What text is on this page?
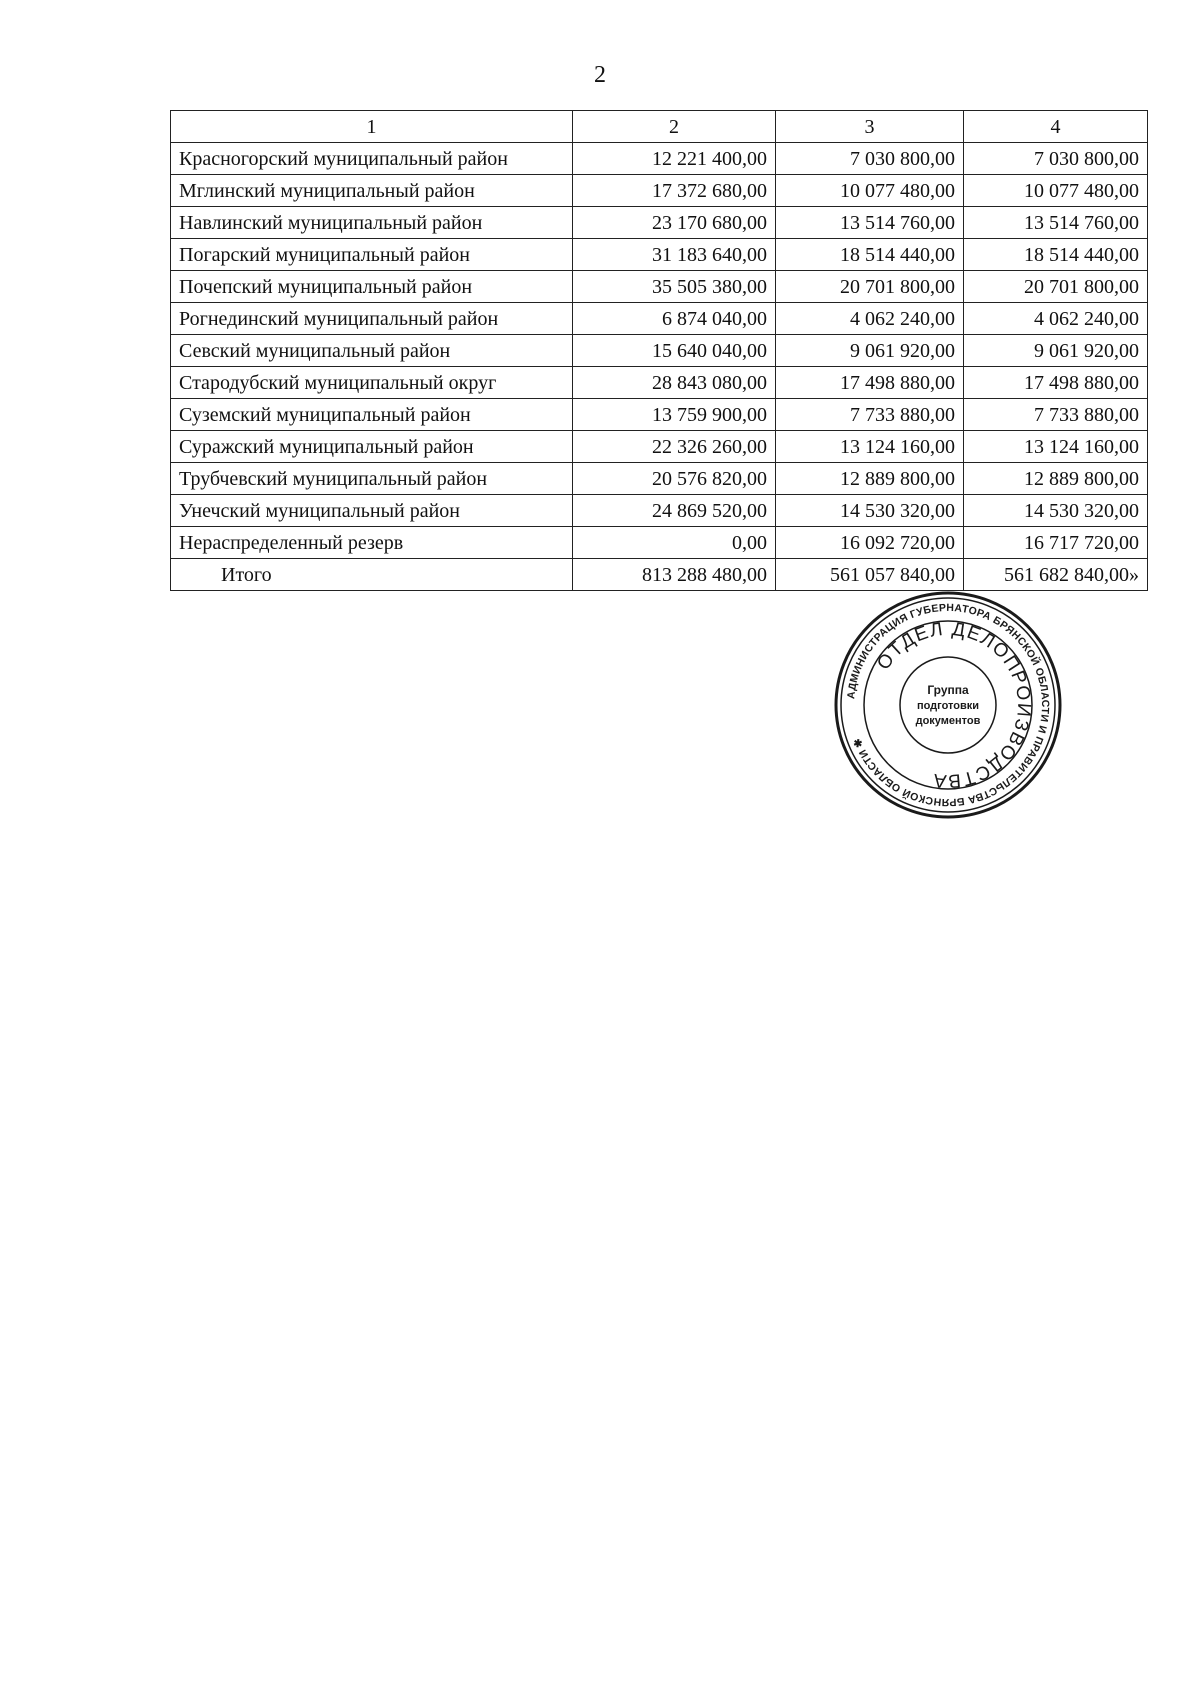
2
1	2	3	4
Красногорский муниципальный район	12 221 400,00	7 030 800,00	7 030 800,00
Мглинский муниципальный район	17 372 680,00	10 077 480,00	10 077 480,00
Навлинский муниципальный район	23 170 680,00	13 514 760,00	13 514 760,00
Погарский муниципальный район	31 183 640,00	18 514 440,00	18 514 440,00
Почепский муниципальный район	35 505 380,00	20 701 800,00	20 701 800,00
Рогнединский муниципальный район	6 874 040,00	4 062 240,00	4 062 240,00
Севский муниципальный район	15 640 040,00	9 061 920,00	9 061 920,00
Стародубский муниципальный округ	28 843 080,00	17 498 880,00	17 498 880,00
Суземский муниципальный район	13 759 900,00	7 733 880,00	7 733 880,00
Суражский муниципальный район	22 326 260,00	13 124 160,00	13 124 160,00
Трубчевский муниципальный район	20 576 820,00	12 889 800,00	12 889 800,00
Унечский муниципальный район	24 869 520,00	14 530 320,00	14 530 320,00
Нераспределенный резерв	0,00	16 092 720,00	16 717 720,00
Итого	813 288 480,00	561 057 840,00	561 682 840,00»
АДМИНИСТРАЦИЯ ГУБЕРНАТОРА БРЯНСКОЙ ОБЛАСТИ И ПРАВИТЕЛЬСТВА БРЯНСКОЙ ОБЛАСТИ ✱
ОТДЕЛ ДЕЛОПРОИЗВОДСТВА
Группа
подготовки
документов
